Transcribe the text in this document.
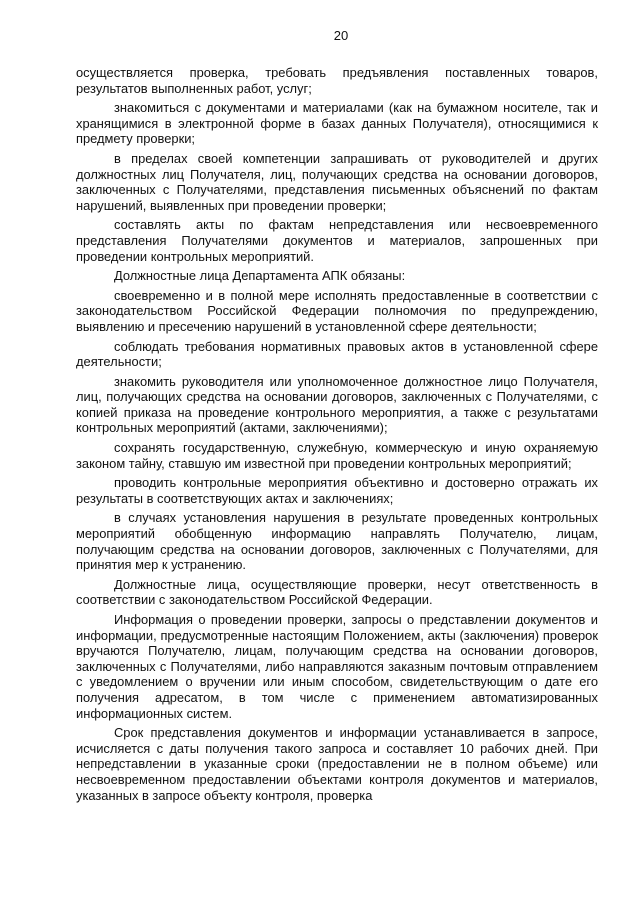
20

осуществляется проверка, требовать предъявления поставленных товаров, результатов выполненных работ, услуг;

знакомиться с документами и материалами (как на бумажном носителе, так и хранящимися в электронной форме в базах данных Получателя), относящимися к предмету проверки;

в пределах своей компетенции запрашивать от руководителей и других должностных лиц Получателя, лиц, получающих средства на основании договоров, заключенных с Получателями, представления письменных объяснений по фактам нарушений, выявленных при проведении проверки;

составлять акты по фактам непредставления или несвоевременного представления Получателями документов и материалов, запрошенных при проведении контрольных мероприятий.

Должностные лица Департамента АПК обязаны:

своевременно и в полной мере исполнять предоставленные в соответствии с законодательством Российской Федерации полномочия по предупреждению, выявлению и пресечению нарушений в установленной сфере деятельности;

соблюдать требования нормативных правовых актов в установленной сфере деятельности;

знакомить руководителя или уполномоченное должностное лицо Получателя, лиц, получающих средства на основании договоров, заключенных с Получателями, с копией приказа на проведение контрольного мероприятия, а также с результатами контрольных мероприятий (актами, заключениями);

сохранять государственную, служебную, коммерческую и иную охраняемую законом тайну, ставшую им известной при проведении контрольных мероприятий;

проводить контрольные мероприятия объективно и достоверно отражать их результаты в соответствующих актах и заключениях;

в случаях установления нарушения в результате проведенных контрольных мероприятий обобщенную информацию направлять Получателю, лицам, получающим средства на основании договоров, заключенных с Получателями, для принятия мер к устранению.

Должностные лица, осуществляющие проверки, несут ответственность в соответствии с законодательством Российской Федерации.

Информация о проведении проверки, запросы о представлении документов и информации, предусмотренные настоящим Положением, акты (заключения) проверок вручаются Получателю, лицам, получающим средства на основании договоров, заключенных с Получателями, либо направляются заказным почтовым отправлением с уведомлением о вручении или иным способом, свидетельствующим о дате его получения адресатом, в том числе с применением автоматизированных информационных систем.

Срок представления документов и информации устанавливается в запросе, исчисляется с даты получения такого запроса и составляет 10 рабочих дней. При непредставлении в указанные сроки (предоставлении не в полном объеме) или несвоевременном предоставлении объектами контроля документов и материалов, указанных в запросе объекту контроля, проверка
